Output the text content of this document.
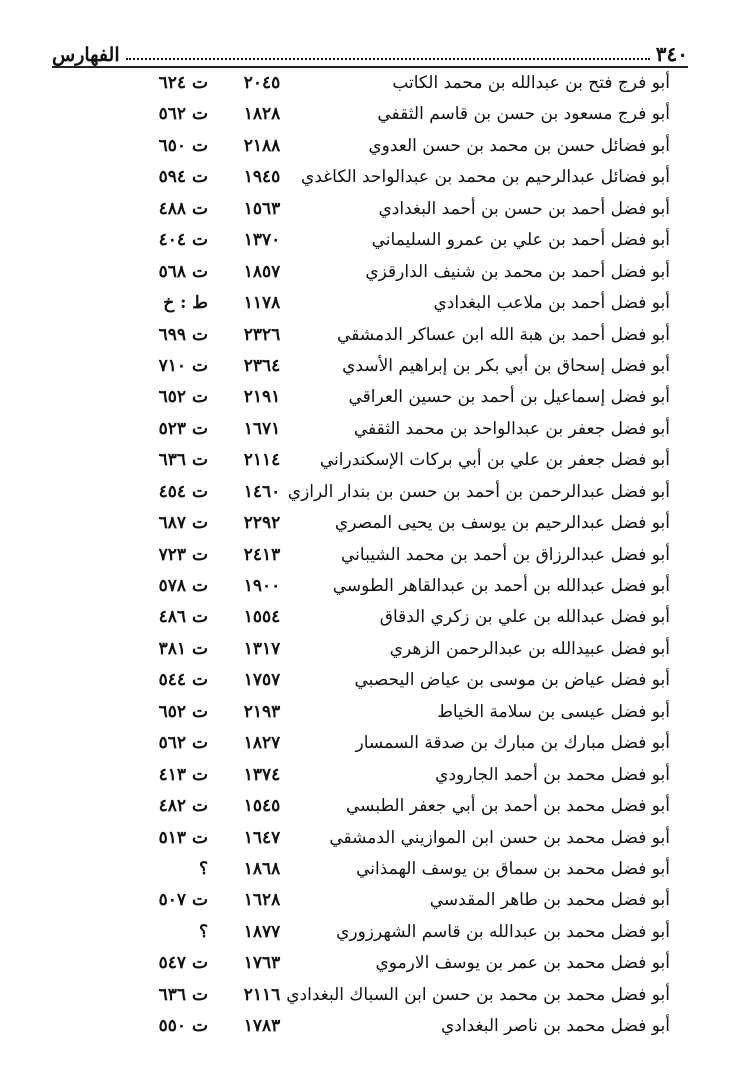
الفهارس	٣٤٠
أبو فرج فتح بن عبدالله بن محمد الكاتب
٢٠٤٥
ت ٦٢٤
أبو فرج مسعود بن حسن بن قاسم الثقفي
١٨٢٨
ت ٥٦٢
أبو فضائل حسن بن محمد بن حسن العدوي
٢١٨٨
ت ٦٥٠
أبو فضائل عبدالرحيم بن محمد بن عبدالواحد الكاغدي
١٩٤٥
ت ٥٩٤
أبو فضل أحمد بن حسن بن أحمد البغدادي
١٥٦٣
ت ٤٨٨
أبو فضل أحمد بن علي بن عمرو السليماني
١٣٧٠
ت ٤٠٤
أبو فضل أحمد بن محمد بن شنيف الدارقزي
١٨٥٧
ت ٥٦٨
أبو فضل أحمد بن ملاعب البغدادي
١١٧٨
ط : خ
أبو فضل أحمد بن هبة الله ابن عساكر الدمشقي
٢٣٢٦
ت ٦٩٩
أبو فضل إسحاق بن أبي بكر بن إبراهيم الأسدي
٢٣٦٤
ت ٧١٠
أبو فضل إسماعيل بن أحمد بن حسين العراقي
٢١٩١
ت ٦٥٢
أبو فضل جعفر بن عبدالواحد بن محمد الثقفي
١٦٧١
ت ٥٢٣
أبو فضل جعفر بن علي بن أبي بركات الإسكندراني
٢١١٤
ت ٦٣٦
أبو فضل عبدالرحمن بن أحمد بن حسن بن بندار الرازي
١٤٦٠
ت ٤٥٤
أبو فضل عبدالرحيم بن يوسف بن يحيى المصري
٢٢٩٢
ت ٦٨٧
أبو فضل عبدالرزاق بن أحمد بن محمد الشيباني
٢٤١٣
ت ٧٢٣
أبو فضل عبدالله بن أحمد بن عبدالقاهر الطوسي
١٩٠٠
ت ٥٧٨
أبو فضل عبدالله بن علي بن زكري الدقاق
١٥٥٤
ت ٤٨٦
أبو فضل عبيدالله بن عبدالرحمن الزهري
١٣١٧
ت ٣٨١
أبو فضل عياض بن موسى بن عياض اليحصبي
١٧٥٧
ت ٥٤٤
أبو فضل عيسى بن سلامة الخياط
٢١٩٣
ت ٦٥٢
أبو فضل مبارك بن مبارك بن صدقة السمسار
١٨٢٧
ت ٥٦٢
أبو فضل محمد بن أحمد الجارودي
١٣٧٤
ت ٤١٣
أبو فضل محمد بن أحمد بن أبي جعفر الطبسي
١٥٤٥
ت ٤٨٢
أبو فضل محمد بن حسن ابن الموازيني الدمشقي
١٦٤٧
ت ٥١٣
أبو فضل محمد بن سماق بن يوسف الهمذاني
١٨٦٨
؟
أبو فضل محمد بن طاهر المقدسي
١٦٢٨
ت ٥٠٧
أبو فضل محمد بن عبدالله بن قاسم الشهرزوري
١٨٧٧
؟
أبو فضل محمد بن عمر بن يوسف الارموي
١٧٦٣
ت ٥٤٧
أبو فضل محمد بن محمد بن حسن ابن السباك البغدادي
٢١١٦
ت ٦٣٦
أبو فضل محمد بن ناصر البغدادي
١٧٨٣
ت ٥٥٠
